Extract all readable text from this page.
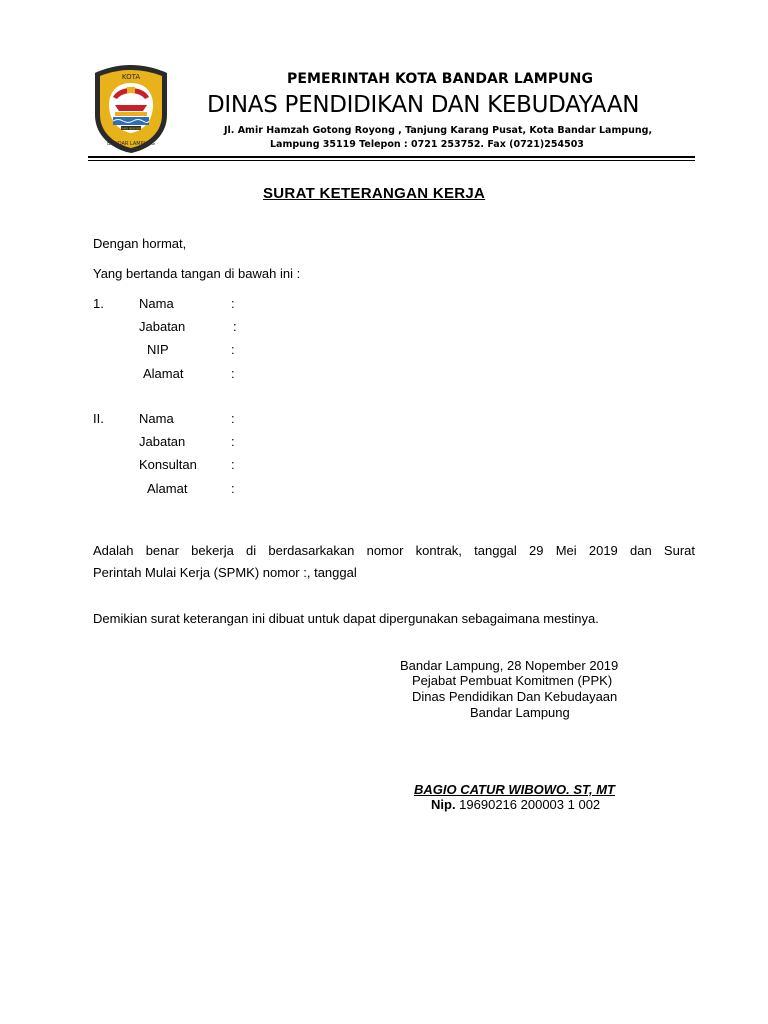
KOTA
BANDAR LAMPUNG
TAPIS BERSERI
PEMERINTAH KOTA BANDAR LAMPUNG
DINAS PENDIDIKAN DAN KEBUDAYAAN
Jl. Amir Hamzah Gotong Royong , Tanjung Karang Pusat, Kota Bandar Lampung,
Lampung 35119 Telepon : 0721 253752. Fax (0721)254503
SURAT KETERANGAN KERJA
Dengan hormat,
Yang bertanda tangan di bawah ini :
1.	Nama	:
Jabatan	:
NIP	:
Alamat	:
II.	Nama	:
Jabatan	:
Konsultan	:
Alamat	:
Adalah benar bekerja di berdasarkakan nomor kontrak, tanggal 29 Mei 2019 dan Surat
Perintah Mulai Kerja (SPMK) nomor :, tanggal
Demikian surat keterangan ini dibuat untuk dapat dipergunakan sebagaimana mestinya.
Bandar Lampung, 28 Nopember 2019
Pejabat Pembuat Komitmen (PPK)
Dinas Pendidikan Dan Kebudayaan
Bandar Lampung
BAGIO CATUR WIBOWO. ST, MT
Nip. 19690216 200003 1 002
